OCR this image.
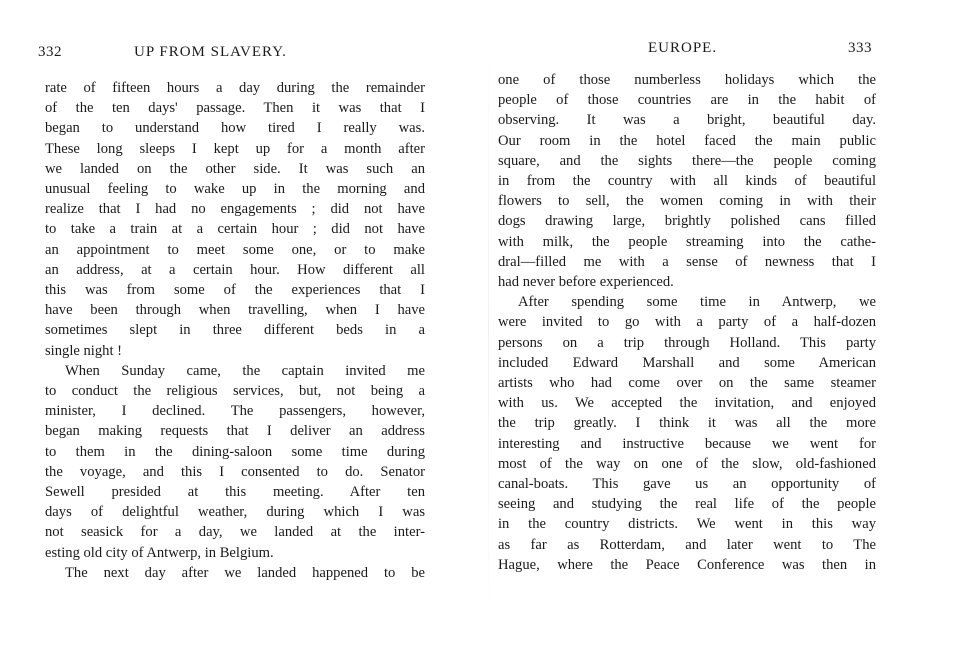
332	UP FROM SLAVERY.
rate of fifteen hours a day during the remainder
of the ten days' passage. Then it was that I
began to understand how tired I really was.
These long sleeps I kept up for a month after
we landed on the other side. It was such an
unusual feeling to wake up in the morning and
realize that I had no engagements ; did not have
to take a train at a certain hour ; did not have
an appointment to meet some one, or to make
an address, at a certain hour. How different all
this was from some of the experiences that I
have been through when travelling, when I have
sometimes slept in three different beds in a
single night !
When Sunday came, the captain invited me
to conduct the religious services, but, not being a
minister, I declined. The passengers, however,
began making requests that I deliver an address
to them in the dining-saloon some time during
the voyage, and this I consented to do. Senator
Sewell presided at this meeting. After ten
days of delightful weather, during which I was
not seasick for a day, we landed at the inter-
esting old city of Antwerp, in Belgium.
The next day after we landed happened to be
EUROPE.	333
one of those numberless holidays which the
people of those countries are in the habit of
observing. It was a bright, beautiful day.
Our room in the hotel faced the main public
square, and the sights there—the people coming
in from the country with all kinds of beautiful
flowers to sell, the women coming in with their
dogs drawing large, brightly polished cans filled
with milk, the people streaming into the cathe-
dral—filled me with a sense of newness that I
had never before experienced.
After spending some time in Antwerp, we
were invited to go with a party of a half-dozen
persons on a trip through Holland. This party
included Edward Marshall and some American
artists who had come over on the same steamer
with us. We accepted the invitation, and enjoyed
the trip greatly. I think it was all the more
interesting and instructive because we went for
most of the way on one of the slow, old-fashioned
canal-boats. This gave us an opportunity of
seeing and studying the real life of the people
in the country districts. We went in this way
as far as Rotterdam, and later went to The
Hague, where the Peace Conference was then in
